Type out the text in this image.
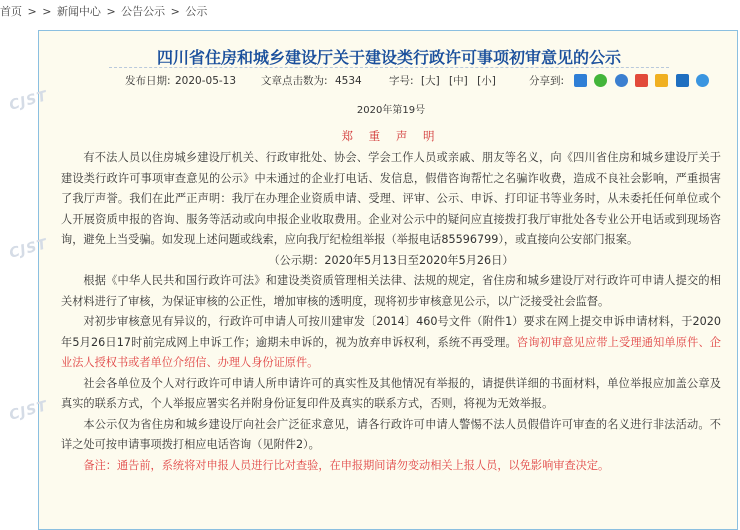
首页 > > 新闻中心 > 公告公示 > 公示
CJST
CJST
CJST
四川省住房和城乡建设厅关于建设类行政许可事项初审意见的公示
发布日期: 2020-05-13 文章点击数为: 4534	字号: [大] [中] [小]	分享到:

2020年第19号
郑 重 声 明

有不法人员以住房城乡建设厅机关、行政审批处、协会、学会工作人员或亲戚、朋友等名义，向《四川省住房和城乡建设厅关于建设类行政许可事项审查意见的公示》中未通过的企业打电话、发信息，假借咨询帮忙之名骗诈收费，造成不良社会影响，严重损害了我厅声誉。我们在此严正声明：我厅在办理企业资质申请、受理、评审、公示、申诉、打印证书等业务时，从未委托任何单位或个人开展资质申报的咨询、服务等活动或向申报企业收取费用。企业对公示中的疑问应直接拨打我厅审批处各专业公开电话或到现场咨询，避免上当受骗。如发现上述问题或线索，应向我厅纪检组举报（举报电话85596799），或直接向公安部门报案。

（公示期：2020年5月13日至2020年5月26日）

根据《中华人民共和国行政许可法》和建设类资质管理相关法律、法规的规定，省住房和城乡建设厅对行政许可申请人提交的相关材料进行了审核，为保证审核的公正性，增加审核的透明度，现将初步审核意见公示，以广泛接受社会监督。

对初步审核意见有异议的，行政许可申请人可按川建审发〔2014〕460号文件（附件1）要求在网上提交申诉申请材料，于2020年5月26日17时前完成网上申诉工作；逾期未申诉的，视为放弃申诉权利，系统不再受理。咨询初审意见应带上受理通知单原件、企业法人授权书或者单位介绍信、办理人身份证原件。

社会各单位及个人对行政许可申请人所申请许可的真实性及其他情况有举报的，请提供详细的书面材料，单位举报应加盖公章及真实的联系方式，个人举报应署实名并附身份证复印件及真实的联系方式，否则，将视为无效举报。

本公示仅为省住房和城乡建设厅向社会广泛征求意见，请各行政许可申请人警惕不法人员假借许可审查的名义进行非法活动。不详之处可按申请事项拨打相应电话咨询（见附件2）。

备注：通告前，系统将对申报人员进行比对查验，在申报期间请勿变动相关上报人员，以免影响审查决定。
